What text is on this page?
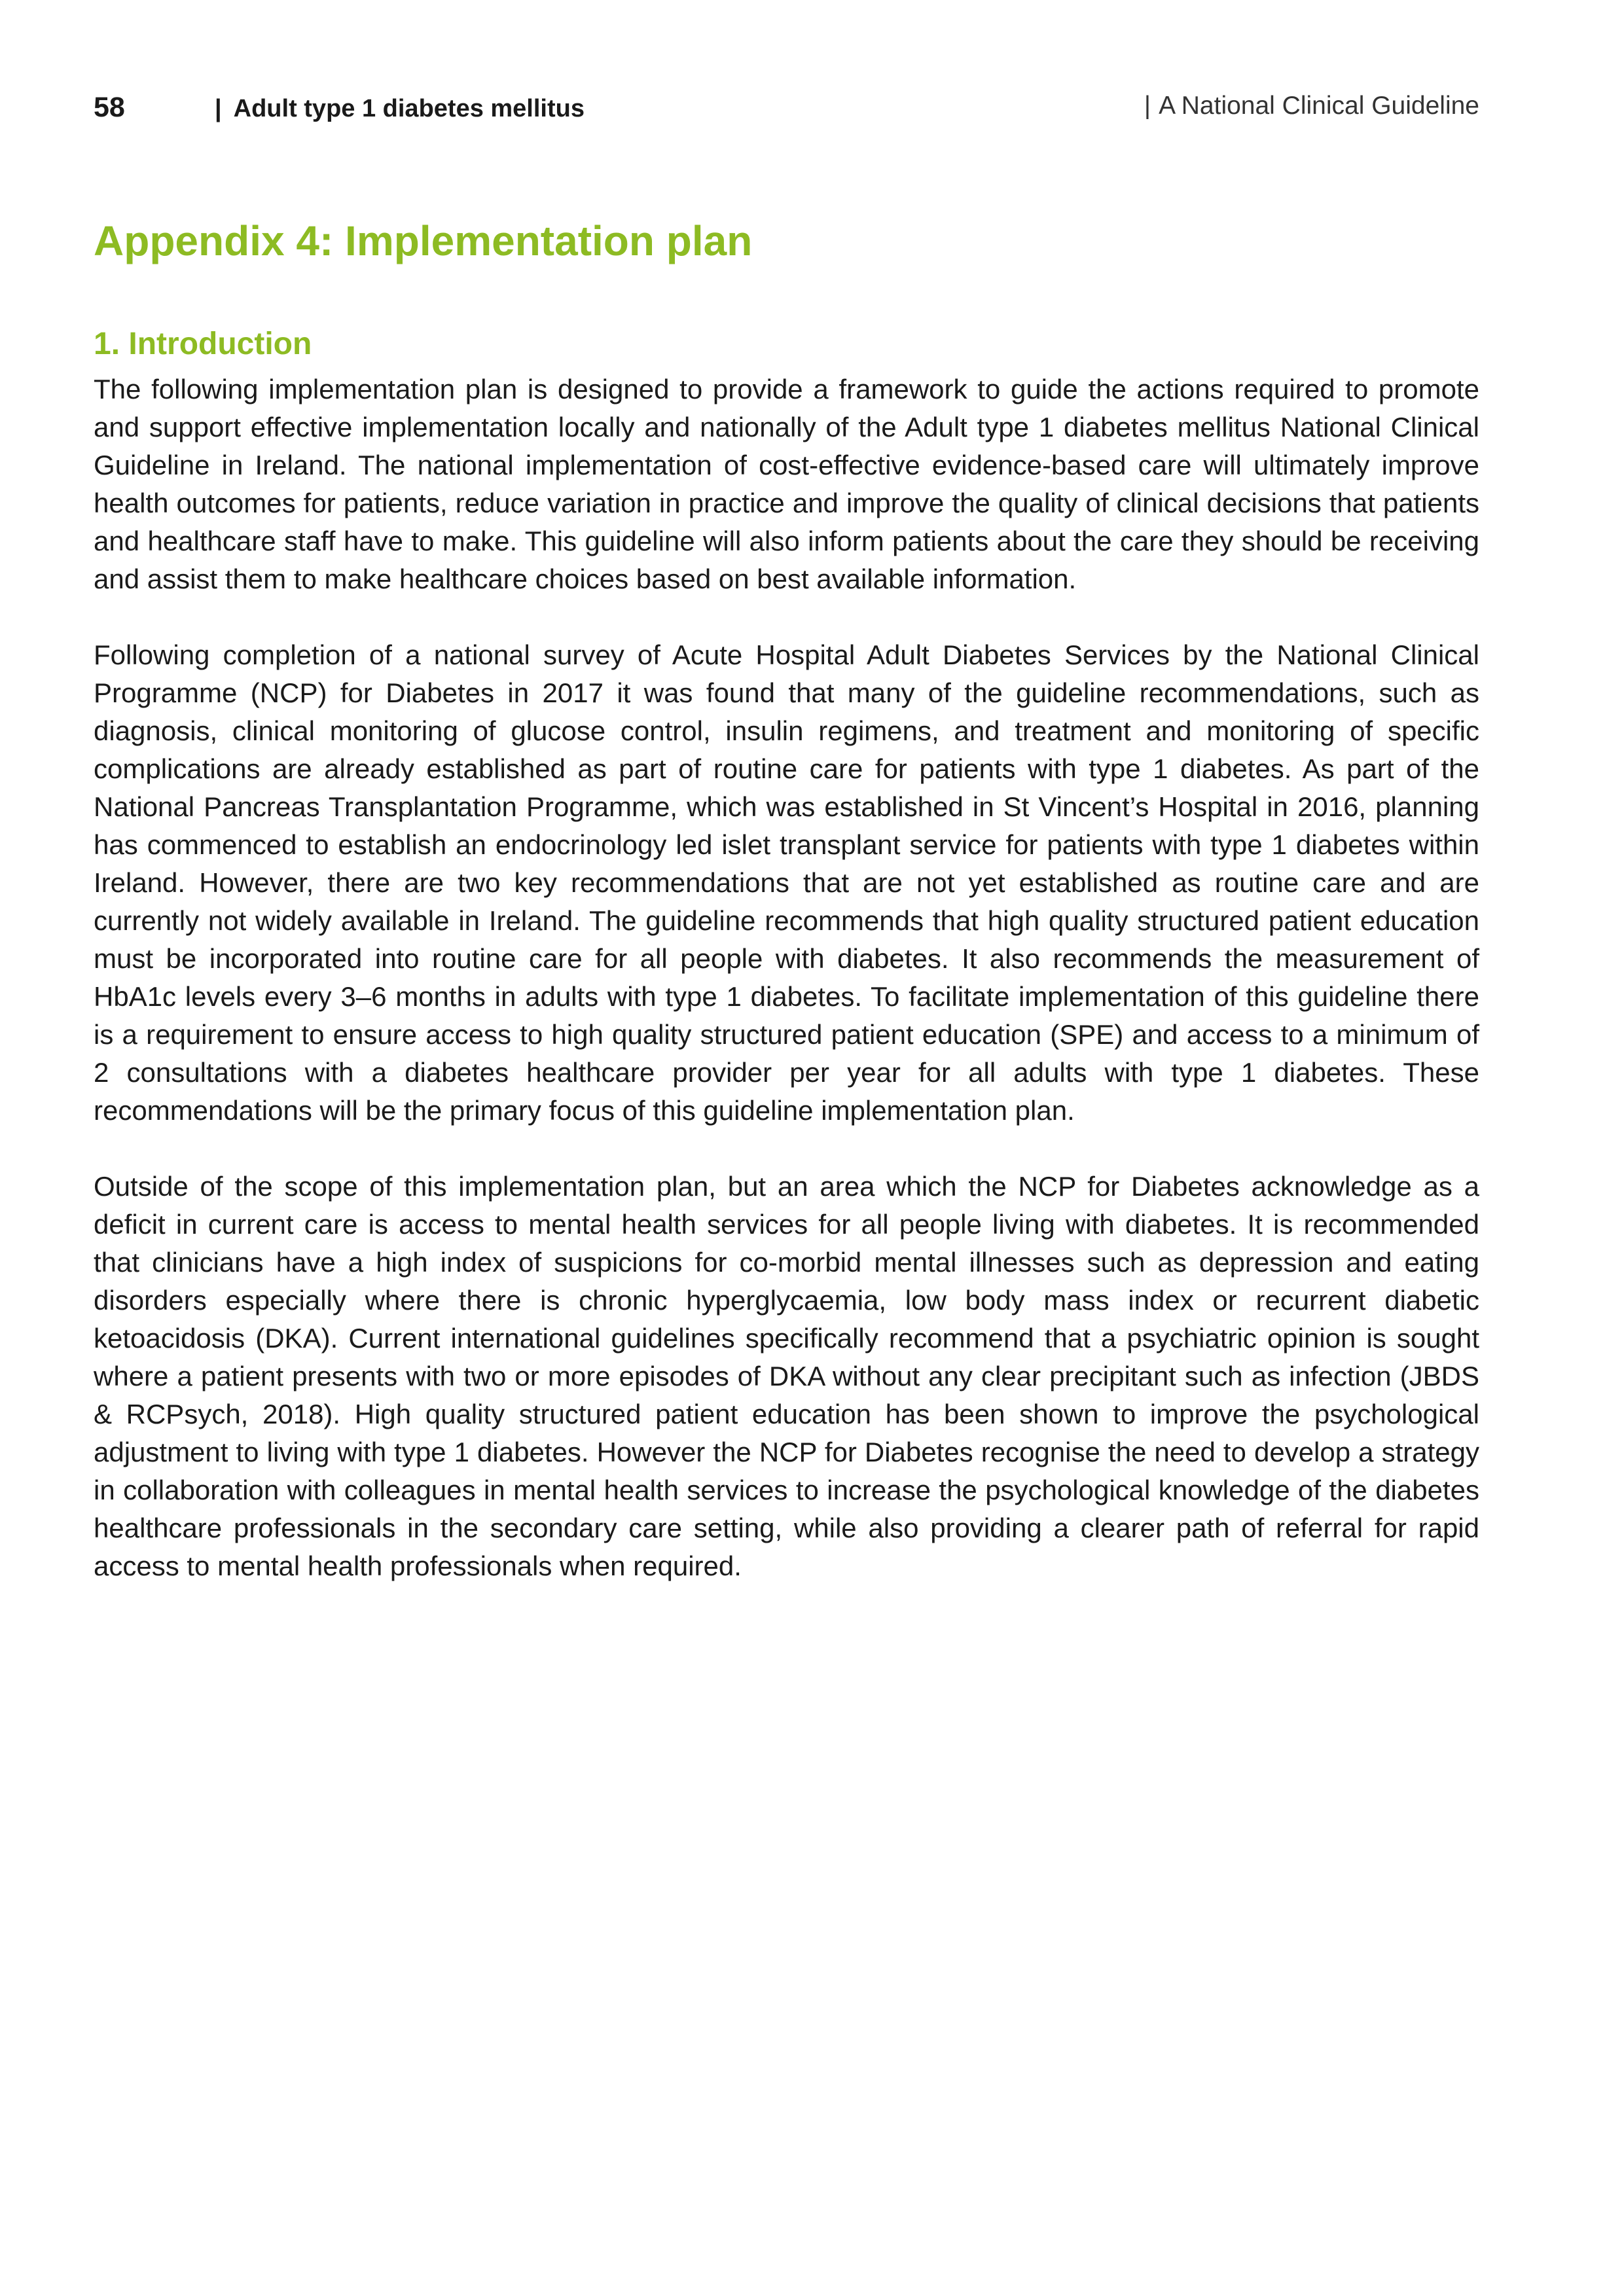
58	| Adult type 1 diabetes mellitus	| A National Clinical Guideline
Appendix 4: Implementation plan
1. Introduction

The following implementation plan is designed to provide a framework to guide the actions required to promote and support effective implementation locally and nationally of the Adult type 1 diabetes mellitus National Clinical Guideline in Ireland. The national implementation of cost-effective evidence-based care will ultimately improve health outcomes for patients, reduce variation in practice and improve the quality of clinical decisions that patients and healthcare staff have to make. This guideline will also inform patients about the care they should be receiving and assist them to make healthcare choices based on best available information.

Following completion of a national survey of Acute Hospital Adult Diabetes Services by the National Clinical Programme (NCP) for Diabetes in 2017 it was found that many of the guideline recommendations, such as diagnosis, clinical monitoring of glucose control, insulin regimens, and treatment and monitoring of specific complications are already established as part of routine care for patients with type 1 diabetes. As part of the National Pancreas Transplantation Programme, which was established in St Vincent’s Hospital in 2016, planning has commenced to establish an endocrinology led islet transplant service for patients with type 1 diabetes within Ireland. However, there are two key recommendations that are not yet established as routine care and are currently not widely available in Ireland. The guideline recommends that high quality structured patient education must be incorporated into routine care for all people with diabetes. It also recommends the measurement of HbA1c levels every 3–6 months in adults with type 1 diabetes. To facilitate implementation of this guideline there is a requirement to ensure access to high quality structured patient education (SPE) and access to a minimum of 2 consultations with a diabetes healthcare provider per year for all adults with type 1 diabetes. These recommendations will be the primary focus of this guideline implementation plan.

Outside of the scope of this implementation plan, but an area which the NCP for Diabetes acknowledge as a deficit in current care is access to mental health services for all people living with diabetes. It is recommended that clinicians have a high index of suspicions for co-morbid mental illnesses such as depression and eating disorders especially where there is chronic hyperglycaemia, low body mass index or recurrent diabetic ketoacidosis (DKA). Current international guidelines specifically recommend that a psychiatric opinion is sought where a patient presents with two or more episodes of DKA without any clear precipitant such as infection (JBDS & RCPsych, 2018). High quality structured patient education has been shown to improve the psychological adjustment to living with type 1 diabetes. However the NCP for Diabetes recognise the need to develop a strategy in collaboration with colleagues in mental health services to increase the psychological knowledge of the diabetes healthcare professionals in the secondary care setting, while also providing a clearer path of referral for rapid access to mental health professionals when required.
